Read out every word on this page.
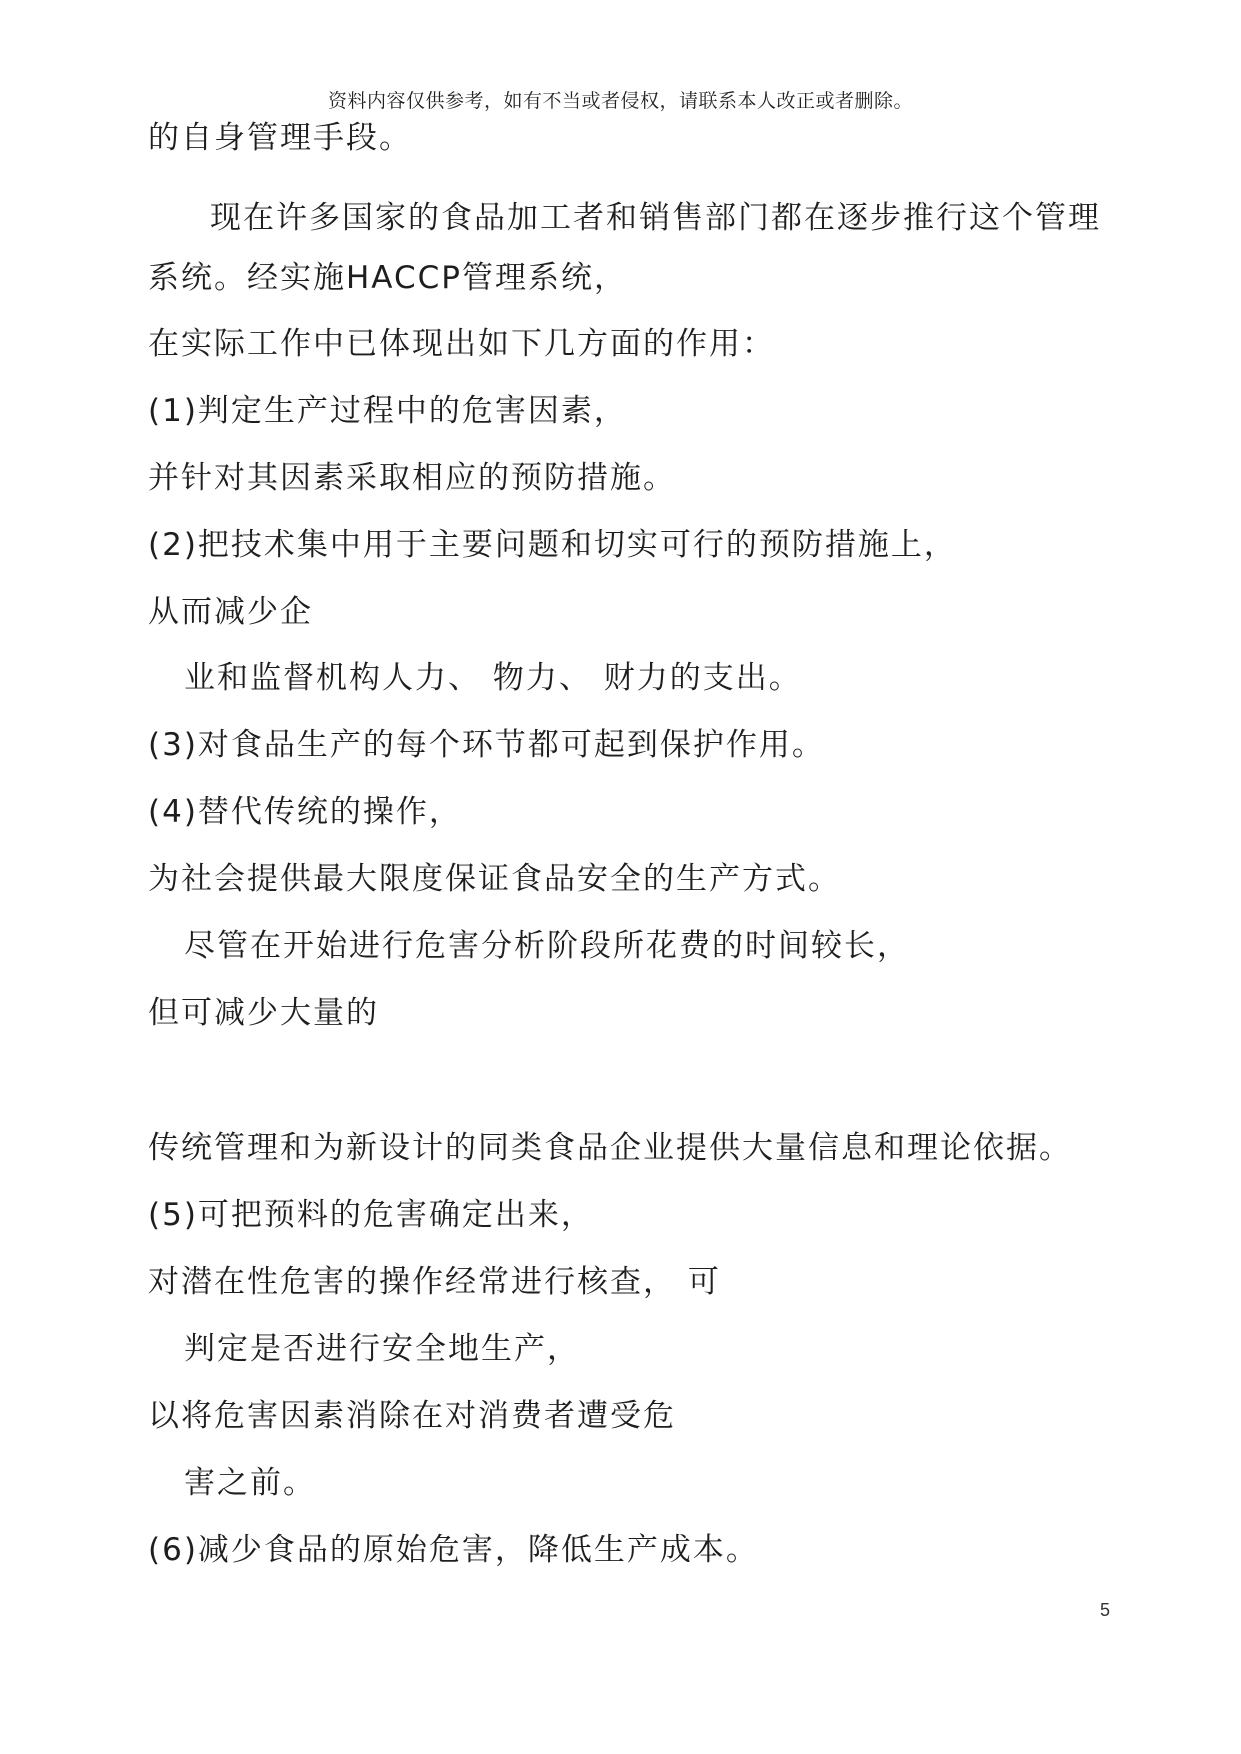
资料内容仅供参考，如有不当或者侵权，请联系本人改正或者删除。
的自身管理手段。
现在许多国家的食品加工者和销售部门都在逐步推行这个管理
系统。经实施HACCP管理系统，
在实际工作中已体现出如下几方面的作用：
(1)判定生产过程中的危害因素，
并针对其因素采取相应的预防措施。
(2)把技术集中用于主要问题和切实可行的预防措施上，
从而减少企
业和监督机构人力、 物力、 财力的支出。
(3)对食品生产的每个环节都可起到保护作用。
(4)替代传统的操作，
为社会提供最大限度保证食品安全的生产方式。
尽管在开始进行危害分析阶段所花费的时间较长，
但可减少大量的
传统管理和为新设计的同类食品企业提供大量信息和理论依据。
(5)可把预料的危害确定出来，
对潜在性危害的操作经常进行核查， 可
判定是否进行安全地生产，
以将危害因素消除在对消费者遭受危
害之前。
(6)减少食品的原始危害，降低生产成本。
5
